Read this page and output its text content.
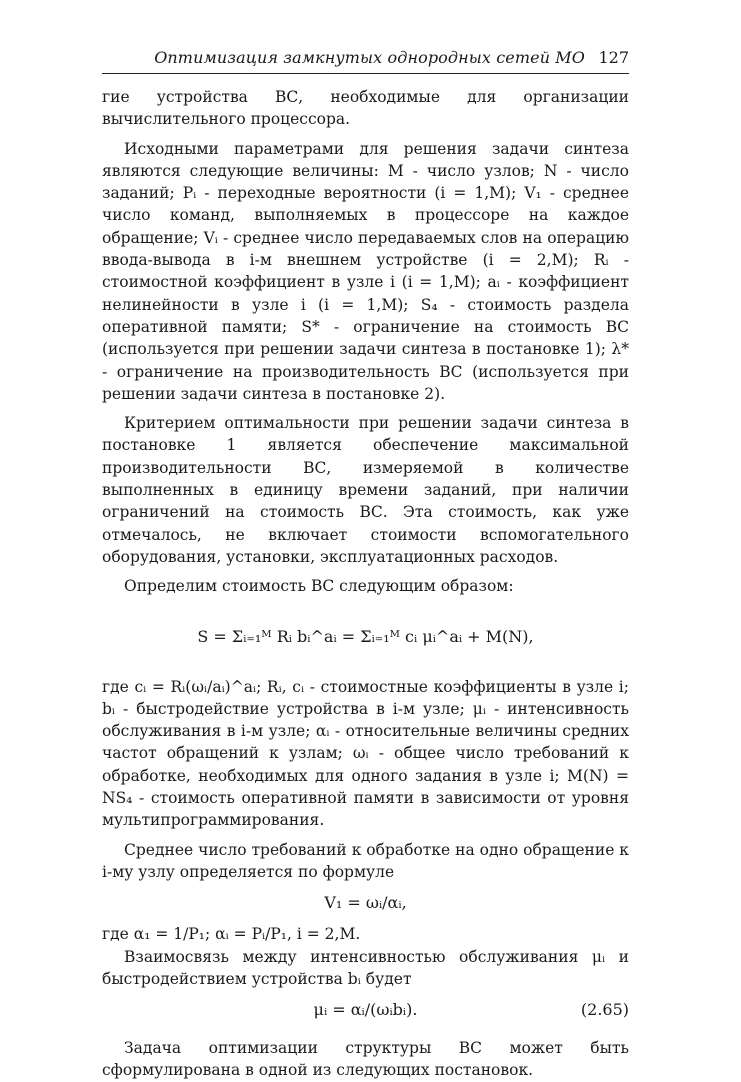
Оптимизация замкнутых однородных сетей МО 127

гие устройства ВС, необходимые для организации вычислительного процессора.

Исходными параметрами для решения задачи синтеза являются следующие величины: M - число узлов; N - число заданий; Pᵢ - переходные вероятности (i = 1,M); V₁ - среднее число команд, выполняемых в процессоре на каждое обращение; Vᵢ - среднее число передаваемых слов на операцию ввода-вывода в i-м внешнем устройстве (i = 2,M); Rᵢ - стоимостной коэффициент в узле i (i = 1,M); aᵢ - коэффициент нелинейности в узле i (i = 1,M); S₄ - стоимость раздела оперативной памяти; S* - ограничение на стоимость ВС (используется при решении задачи синтеза в постановке 1); λ* - ограничение на производительность ВС (используется при решении задачи синтеза в постановке 2).

Критерием оптимальности при решении задачи синтеза в постановке 1 является обеспечение максимальной производительности ВС, измеряемой в количестве выполненных в единицу времени заданий, при наличии ограничений на стоимость ВС. Эта стоимость, как уже отмечалось, не включает стоимости вспомогательного оборудования, установки, эксплуатационных расходов.

Определим стоимость ВС следующим образом:

S = Σᵢ₌₁ᴹ Rᵢ bᵢ^aᵢ = Σᵢ₌₁ᴹ cᵢ μᵢ^aᵢ + M(N),

где cᵢ = Rᵢ(ωᵢ/aᵢ)^aᵢ; Rᵢ, cᵢ - стоимостные коэффициенты в узле i; bᵢ - быстродействие устройства в i-м узле; μᵢ - интенсивность обслуживания в i-м узле; αᵢ - относительные величины средних частот обращений к узлам; ωᵢ - общее число требований к обработке, необходимых для одного задания в узле i; M(N) = NS₄ - стоимость оперативной памяти в зависимости от уровня мультипрограммирования.

Среднее число требований к обработке на одно обращение к i-му узлу определяется по формуле

V₁ = ωᵢ/αᵢ,

где α₁ = 1/P₁; αᵢ = Pᵢ/P₁, i = 2,M.

Взаимосвязь между интенсивностью обслуживания μᵢ и быстродействием устройства bᵢ будет

μᵢ = αᵢ/(ωᵢbᵢ).	(2.65)

Задача оптимизации структуры ВС может быть сформулирована в одной из следующих постановок.
